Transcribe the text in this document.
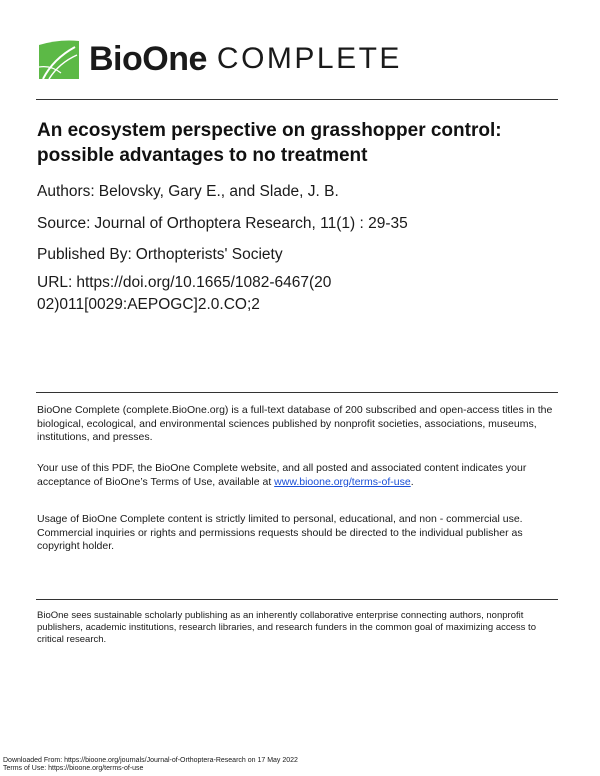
BioOne COMPLETE
An ecosystem perspective on grasshopper control: possible advantages to no treatment
Authors: Belovsky, Gary E., and Slade, J. B.
Source: Journal of Orthoptera Research, 11(1) : 29-35
Published By: Orthopterists' Society
URL: https://doi.org/10.1665/1082-6467(2002)011[0029:AEPOGC]2.0.CO;2

BioOne Complete (complete.BioOne.org) is a full-text database of 200 subscribed and open-access titles in the biological, ecological, and environmental sciences published by nonprofit societies, associations, museums, institutions, and presses.

Your use of this PDF, the BioOne Complete website, and all posted and associated content indicates your acceptance of BioOne’s Terms of Use, available at www.bioone.org/terms-of-use.

Usage of BioOne Complete content is strictly limited to personal, educational, and non - commercial use. Commercial inquiries or rights and permissions requests should be directed to the individual publisher as copyright holder.

BioOne sees sustainable scholarly publishing as an inherently collaborative enterprise connecting authors, nonprofit publishers, academic institutions, research libraries, and research funders in the common goal of maximizing access to critical research.

Downloaded From: https://bioone.org/journals/Journal-of-Orthoptera-Research on 17 May 2022
Terms of Use: https://bioone.org/terms-of-use
